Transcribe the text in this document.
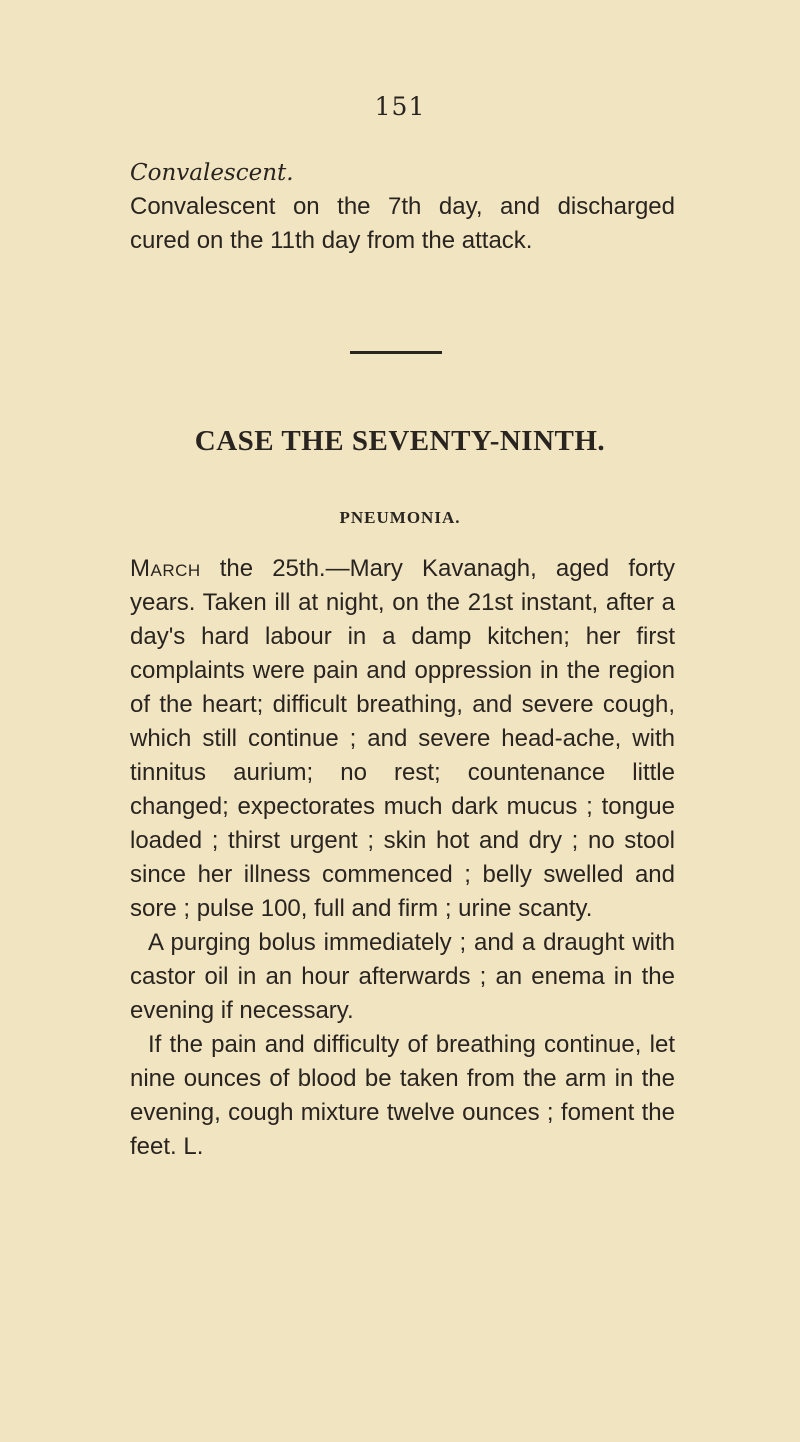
151
Convalescent.

Convalescent on the 7th day, and discharged cured on the 11th day from the attack.

CASE THE SEVENTY-NINTH.
PNEUMONIA.

March the 25th.—Mary Kavanagh, aged forty years. Taken ill at night, on the 21st instant, after a day's hard labour in a damp kitchen; her first complaints were pain and oppression in the region of the heart; difficult breathing, and severe cough, which still continue ; and severe head-ache, with tinnitus aurium; no rest; countenance little changed; expectorates much dark mucus ; tongue loaded ; thirst urgent ; skin hot and dry ; no stool since her illness commenced ; belly swelled and sore ; pulse 100, full and firm ; urine scanty.

A purging bolus immediately ; and a draught with castor oil in an hour afterwards ; an enema in the evening if necessary.

If the pain and difficulty of breathing continue, let nine ounces of blood be taken from the arm in the evening, cough mixture twelve ounces ; foment the feet. L.
